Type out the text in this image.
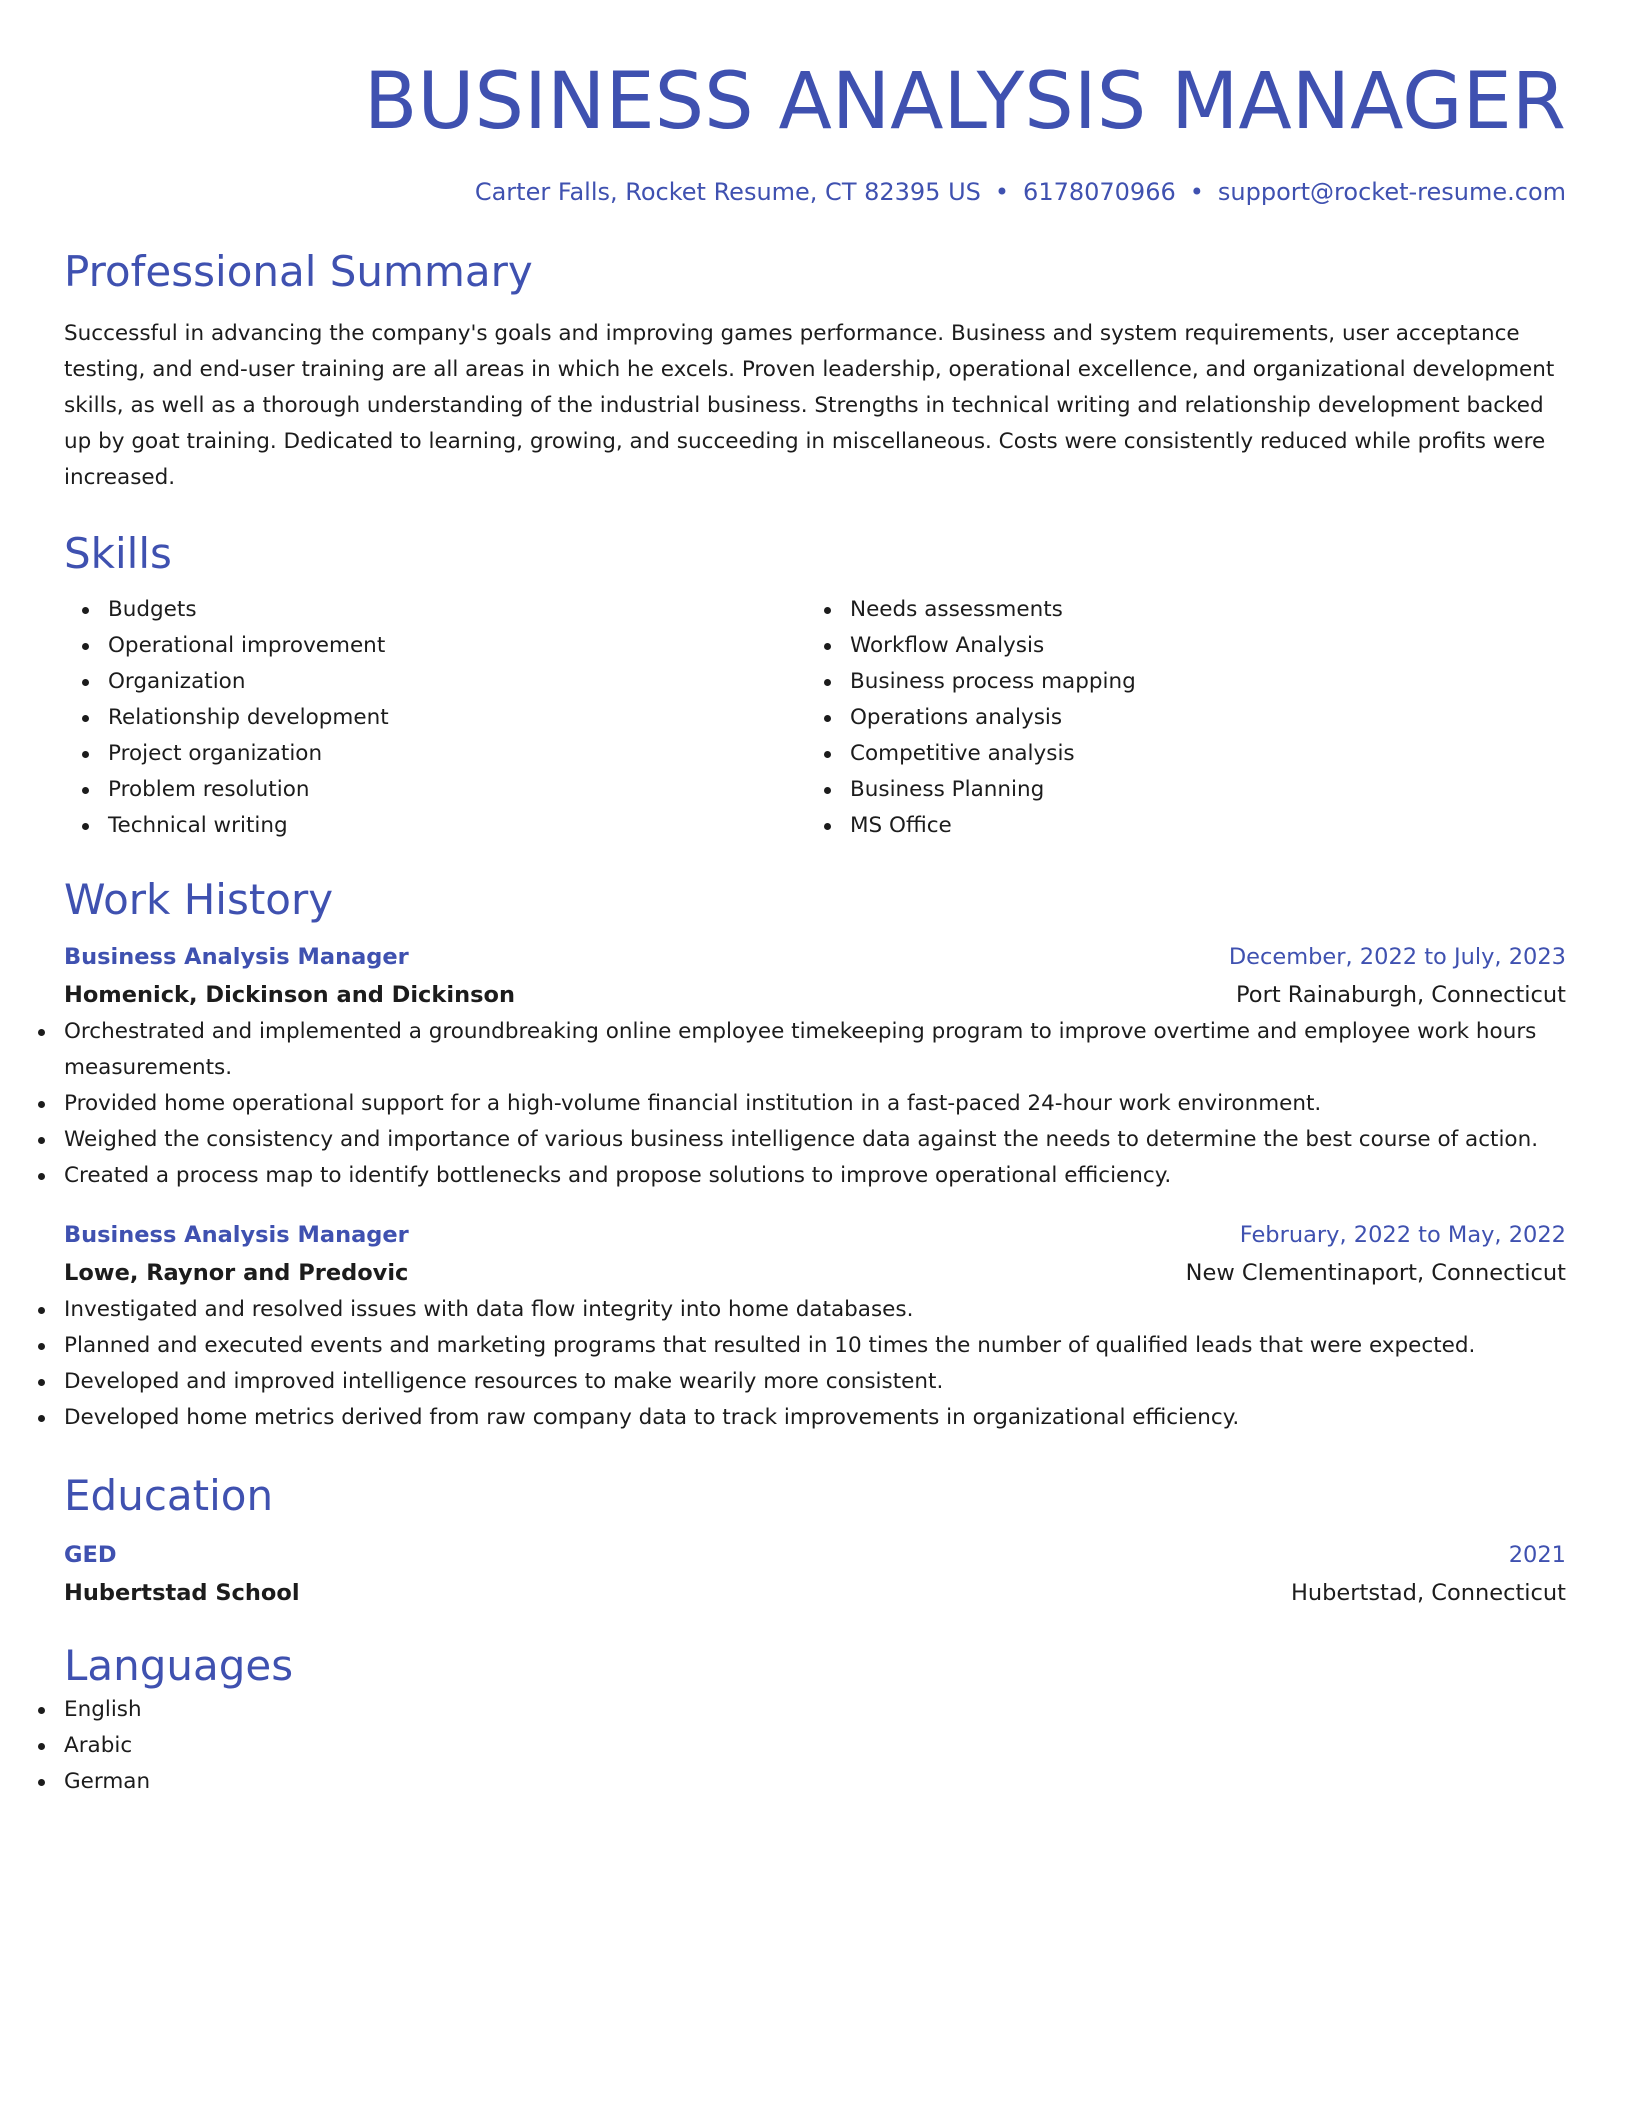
BUSINESS ANALYSIS MANAGER
Carter Falls, Rocket Resume, CT 82395 US • 6178070966 • support@rocket-resume.com
Professional Summary

Successful in advancing the company's goals and improving games performance. Business and system requirements, user acceptance testing, and end-user training are all areas in which he excels. Proven leadership, operational excellence, and organizational development skills, as well as a thorough understanding of the industrial business. Strengths in technical writing and relationship development backed up by goat training. Dedicated to learning, growing, and succeeding in miscellaneous. Costs were consistently reduced while profits were increased.

Skills
Budgets
Operational improvement
Organization
Relationship development
Project organization
Problem resolution
Technical writing
Needs assessments
Workflow Analysis
Business process mapping
Operations analysis
Competitive analysis
Business Planning
MS Office
Work History
Business Analysis Manager	December, 2022 to July, 2023
Homenick, Dickinson and Dickinson	Port Rainaburgh, Connecticut
Orchestrated and implemented a groundbreaking online employee timekeeping program to improve overtime and employee work hours measurements.
Provided home operational support for a high-volume financial institution in a fast-paced 24-hour work environment.
Weighed the consistency and importance of various business intelligence data against the needs to determine the best course of action.
Created a process map to identify bottlenecks and propose solutions to improve operational efficiency.
Business Analysis Manager	February, 2022 to May, 2022
Lowe, Raynor and Predovic	New Clementinaport, Connecticut
Investigated and resolved issues with data flow integrity into home databases.
Planned and executed events and marketing programs that resulted in 10 times the number of qualified leads that were expected.
Developed and improved intelligence resources to make wearily more consistent.
Developed home metrics derived from raw company data to track improvements in organizational efficiency.
Education
GED	2021
Hubertstad School	Hubertstad, Connecticut
Languages
English
Arabic
German
